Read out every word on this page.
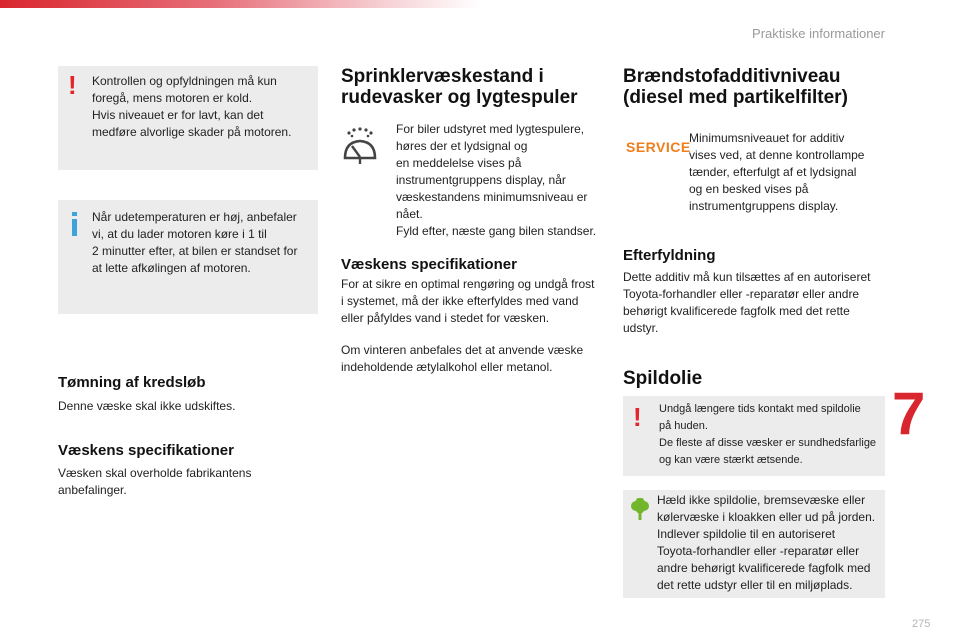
Praktiske informationer
! Kontrollen og opfyldningen må kun
foregå, mens motoren er kold.
Hvis niveauet er for lavt, kan det
medføre alvorlige skader på motoren.
Når udetemperaturen er høj, anbefaler
vi, at du lader motoren køre i 1 til
2 minutter efter, at bilen er standset for
at lette afkølingen af motoren.
Tømning af kredsløb

Denne væske skal ikke udskiftes.

Væskens specifikationer

Væsken skal overholde fabrikantens
anbefalinger.

Sprinklervæskestand i
rudevasker og lygtespuler

For biler udstyret med lygtespulere,
høres der et lydsignal og
en meddelelse vises på
instrumentgruppens display, når
væskestandens minimumsniveau er
nået.
Fyld efter, næste gang bilen standser.

Væskens specifikationer

For at sikre en optimal rengøring og undgå frost
i systemet, må der ikke efterfyldes med vand
eller påfyldes vand i stedet for væsken.

Om vinteren anbefales det at anvende væske
indeholdende ætylalkohol eller metanol.

Brændstofadditivniveau
(diesel med partikelfilter)
SERVICE

Minimumsniveauet for additiv
vises ved, at denne kontrollampe
tænder, efterfulgt af et lydsignal
og en besked vises på
instrumentgruppens display.

Efterfyldning

Dette additiv må kun tilsættes af en autoriseret
Toyota-forhandler eller -reparatør eller andre
behørigt kvalificerede fagfolk med det rette
udstyr.

Spildolie
! Undgå længere tids kontakt med spildolie
på huden.
De fleste af disse væsker er sundhedsfarlige
og kan være stærkt ætsende.
Hæld ikke spildolie, bremsevæske eller
kølervæske i kloakken eller ud på jorden.
Indlever spildolie til en autoriseret
Toyota-forhandler eller -reparatør eller
andre behørigt kvalificerede fagfolk med
det rette udstyr eller til en miljøplads.
7
275
